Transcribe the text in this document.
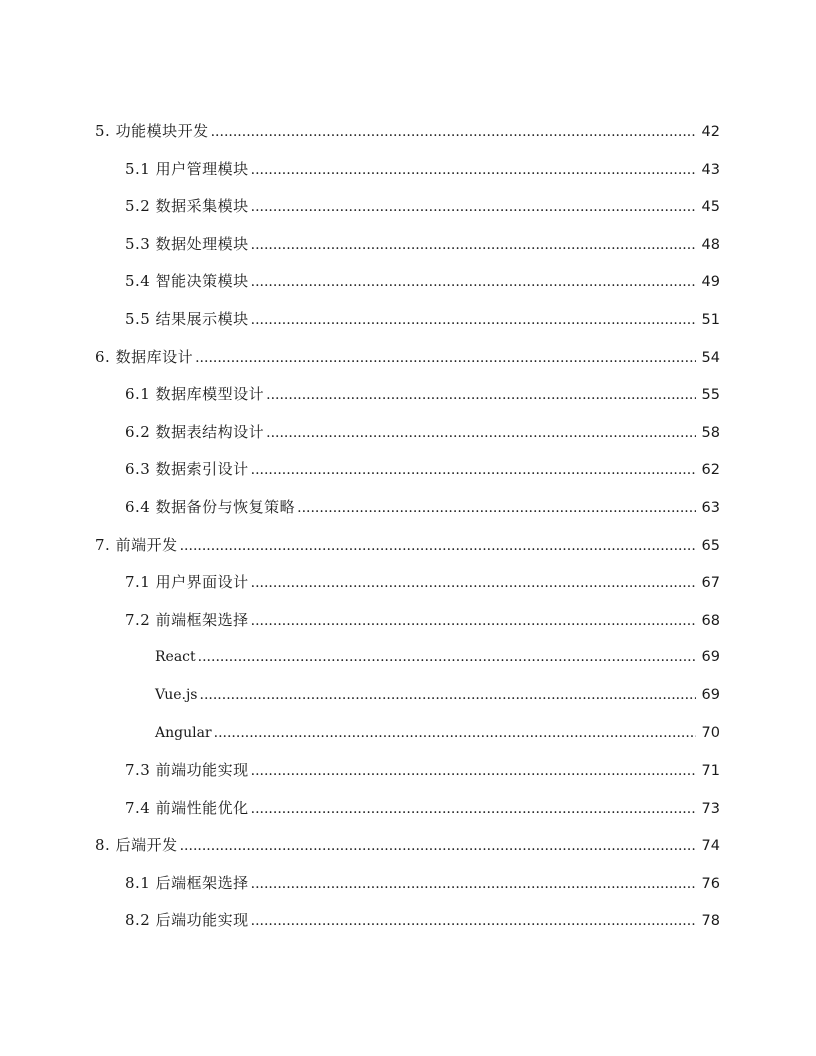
5. 功能模块开发 .....	42
5.1 用户管理模块 .....	43
5.2 数据采集模块 .....	45
5.3 数据处理模块 .....	48
5.4 智能决策模块 .....	49
5.5 结果展示模块 .....	51
6. 数据库设计 .....	54
6.1 数据库模型设计 .....	55
6.2 数据表结构设计 .....	58
6.3 数据索引设计 .....	62
6.4 数据备份与恢复策略 .....	63
7. 前端开发 .....	65
7.1 用户界面设计 .....	67
7.2 前端框架选择 .....	68
React .....	69
Vue.js .....	69
Angular .....	70
7.3 前端功能实现 .....	71
7.4 前端性能优化 .....	73
8. 后端开发 .....	74
8.1 后端框架选择 .....	76
8.2 后端功能实现 .....	78
